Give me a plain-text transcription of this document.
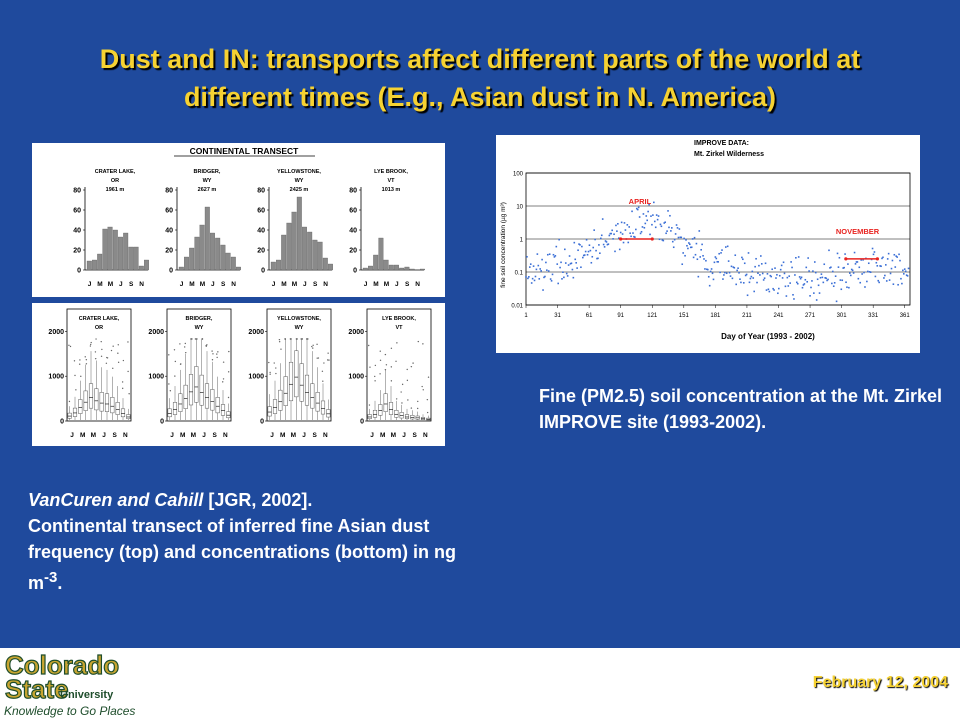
Dust and IN: transports affect different parts of the world at
different times (E.g., Asian dust in N. America)
CONTINENTAL TRANSECT
CRATER LAKE,
OR
1961 m
0
20
40
60
80
J M M J S N
BRIDGER,
WY
2627 m
0
20
40
60
80
J M M J S N
YELLOWSTONE,
WY
2425 m
0
20
40
60
80
J M M J S N
LYE BROOK,
VT
1013 m
0
20
40
60
80
J M M J S N
CRATER LAKE,
OR
0
1000
2000
J M M J S N
BRIDGER,
WY
0
1000
2000
J M M J S N
YELLOWSTONE,
WY
0
1000
2000
J M M J S N
LYE BROOK,
VT
0
1000
2000
J M M J S N
IMPROVE DATA:
Mt. Zirkel Wilderness
Day of Year (1993 - 2002)
fine soil concentration (µg m³)
100
10
1
0.1
0.01
1	31	61	91	121	151	181	211	241	271	301	331	361
APRIL
NOVEMBER

Fine (PM2.5) soil concentration at the Mt. Zirkel IMPROVE site (1993-2002).

VanCuren and Cahill [JGR, 2002].
Continental transect of inferred fine Asian dust frequency (top) and concentrations (bottom) in ng $m^{-3}$.

February 12, 2004
Colorado
State
University
Knowledge to Go Places
